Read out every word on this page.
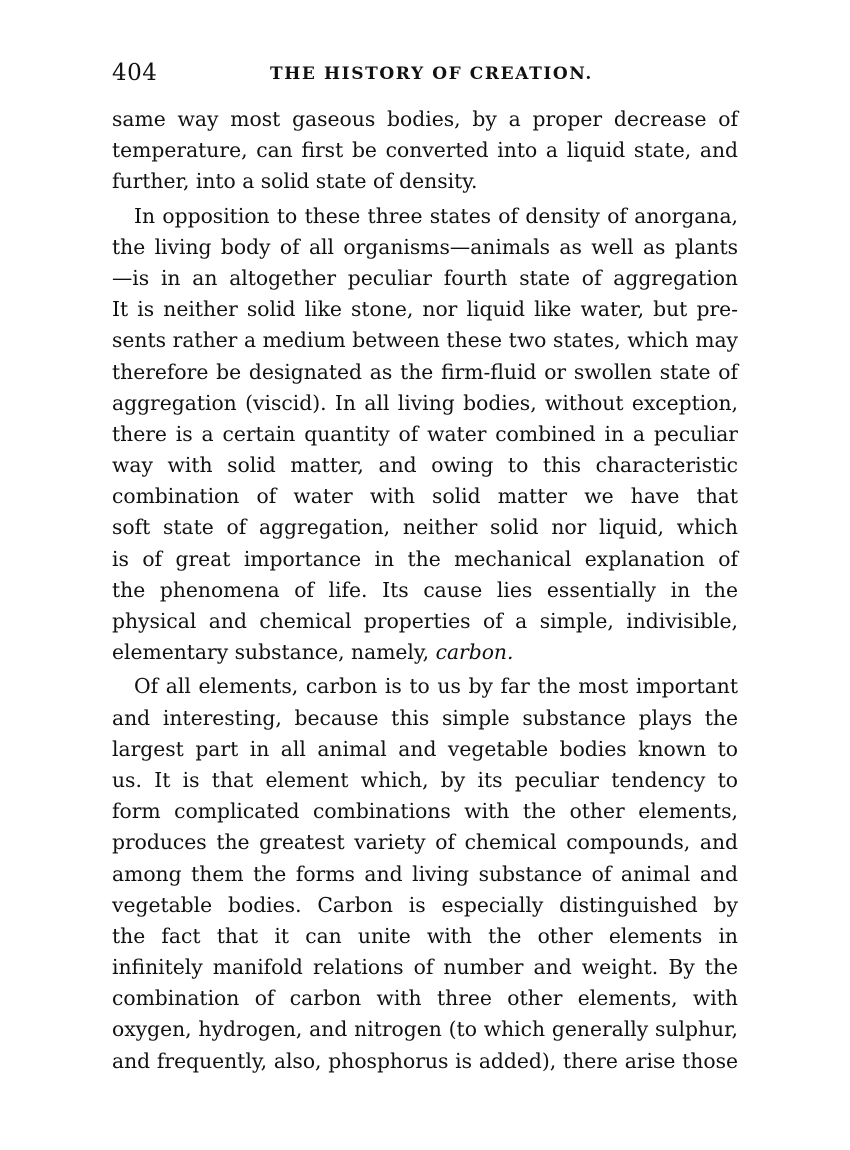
404	THE HISTORY OF CREATION.
same way most gaseous bodies, by a proper decrease of
temperature, can first be converted into a liquid state, and
further, into a solid state of density.
In opposition to these three states of density of anorgana,
the living body of all organisms—animals as well as plants
—is in an altogether peculiar fourth state of aggregation
It is neither solid like stone, nor liquid like water, but pre-
sents rather a medium between these two states, which may
therefore be designated as the firm-fluid or swollen state of
aggregation (viscid). In all living bodies, without exception,
there is a certain quantity of water combined in a peculiar
way with solid matter, and owing to this characteristic
combination of water with solid matter we have that
soft state of aggregation, neither solid nor liquid, which
is of great importance in the mechanical explanation of
the phenomena of life. Its cause lies essentially in the
physical and chemical properties of a simple, indivisible,
elementary substance, namely, carbon.
Of all elements, carbon is to us by far the most important
and interesting, because this simple substance plays the
largest part in all animal and vegetable bodies known to
us. It is that element which, by its peculiar tendency to
form complicated combinations with the other elements,
produces the greatest variety of chemical compounds, and
among them the forms and living substance of animal and
vegetable bodies. Carbon is especially distinguished by
the fact that it can unite with the other elements in
infinitely manifold relations of number and weight. By the
combination of carbon with three other elements, with
oxygen, hydrogen, and nitrogen (to which generally sulphur,
and frequently, also, phosphorus is added), there arise those
